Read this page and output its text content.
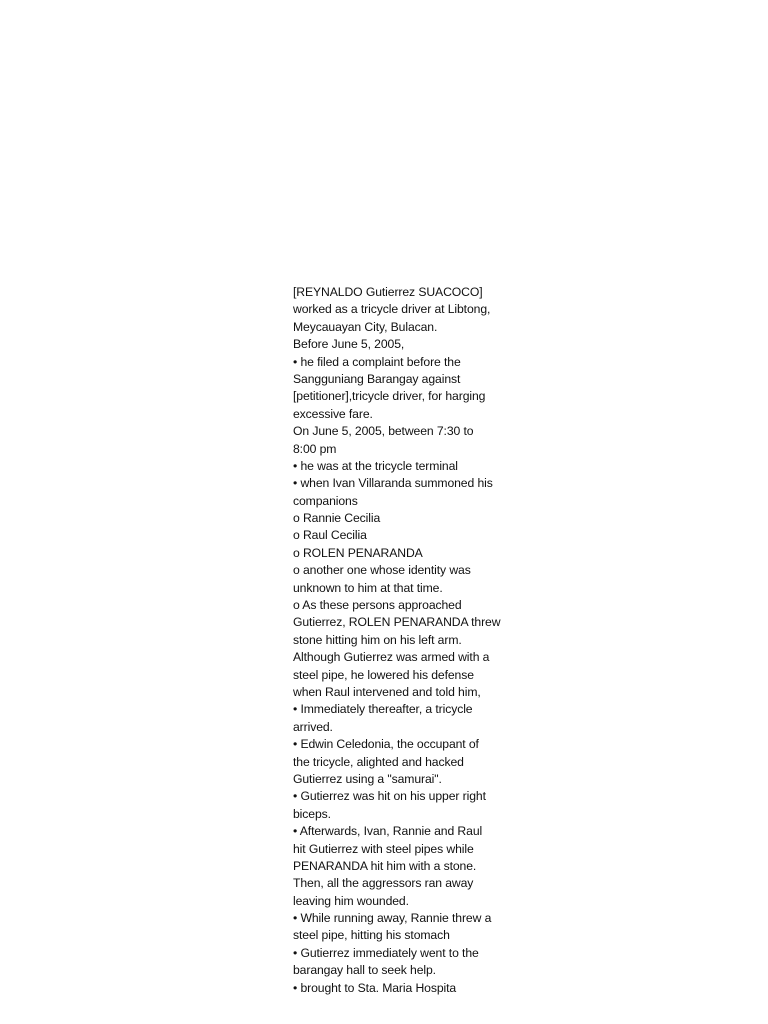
[REYNALDO Gutierrez SUACOCO]
worked as a tricycle driver at Libtong,
Meycauayan City, Bulacan.
Before June 5, 2005,
• he filed a complaint before the
Sangguniang Barangay against
[petitioner],tricycle driver, for harging
excessive fare.
On June 5, 2005, between 7:30 to
8:00 pm
• he was at the tricycle terminal
• when Ivan Villaranda summoned his
companions
o Rannie Cecilia
o Raul Cecilia
o ROLEN PENARANDA
o another one whose identity was
unknown to him at that time.
o As these persons approached
Gutierrez, ROLEN PENARANDA threw
stone hitting him on his left arm.
Although Gutierrez was armed with a
steel pipe, he lowered his defense
when Raul intervened and told him,
• Immediately thereafter, a tricycle
arrived.
• Edwin Celedonia, the occupant of
the tricycle, alighted and hacked
Gutierrez using a "samurai".
• Gutierrez was hit on his upper right
biceps.
• Afterwards, Ivan, Rannie and Raul
hit Gutierrez with steel pipes while
PENARANDA hit him with a stone.
Then, all the aggressors ran away
leaving him wounded.
• While running away, Rannie threw a
steel pipe, hitting his stomach
• Gutierrez immediately went to the
barangay hall to seek help.
• brought to Sta. Maria Hospita
